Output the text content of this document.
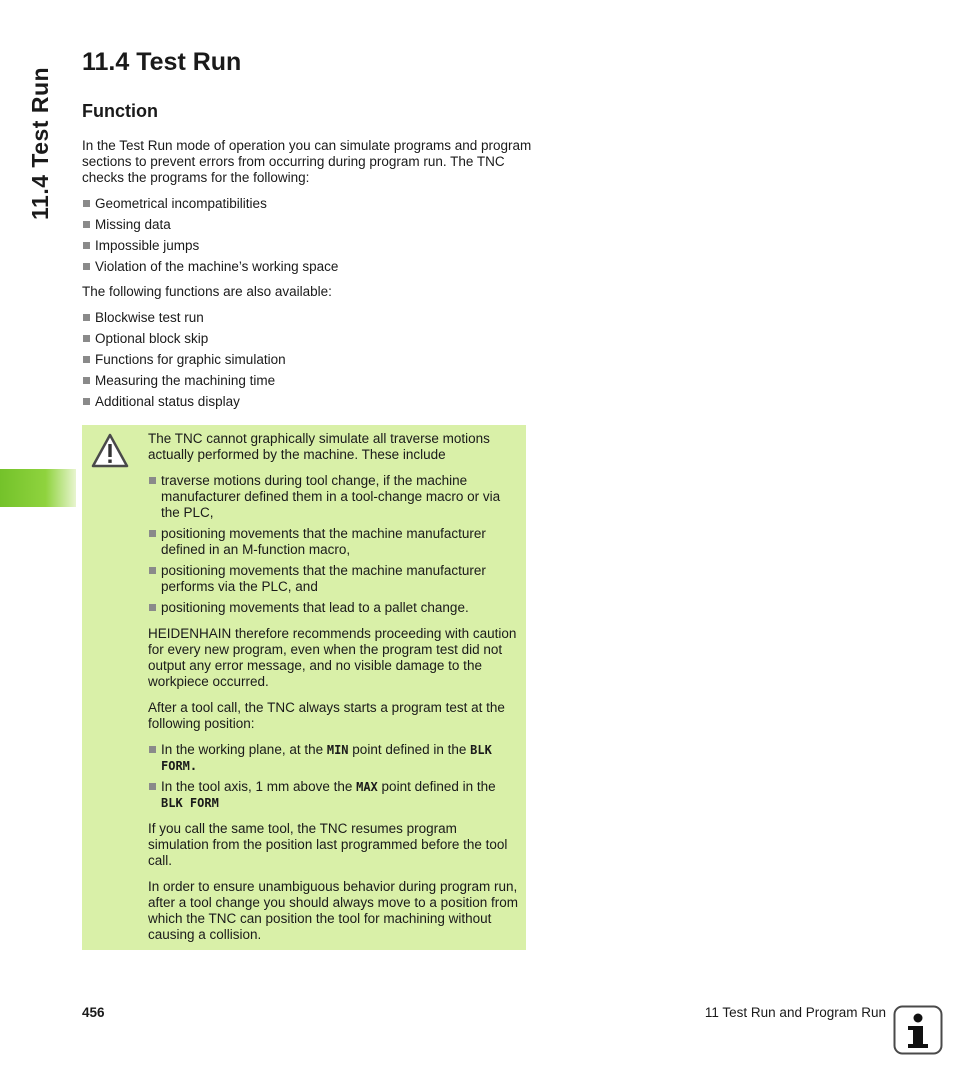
11.4 Test Run
11.4 Test Run
Function
In the Test Run mode of operation you can simulate programs and program sections to prevent errors from occurring during program run. The TNC checks the programs for the following:
Geometrical incompatibilities
Missing data
Impossible jumps
Violation of the machine’s working space
The following functions are also available:
Blockwise test run
Optional block skip
Functions for graphic simulation
Measuring the machining time
Additional status display

The TNC cannot graphically simulate all traverse motions actually performed by the machine. These include

traverse motions during tool change, if the machine manufacturer defined them in a tool-change macro or via the PLC,
positioning movements that the machine manufacturer defined in an M-function macro,
positioning movements that the machine manufacturer performs via the PLC, and
positioning movements that lead to a pallet change.

HEIDENHAIN therefore recommends proceeding with caution for every new program, even when the program test did not output any error message, and no visible damage to the workpiece occurred.

After a tool call, the TNC always starts a program test at the following position:

In the working plane, at the MIN point defined in the BLK FORM.
In the tool axis, 1 mm above the MAX point defined in the BLK FORM

If you call the same tool, the TNC resumes program simulation from the position last programmed before the tool call.

In order to ensure unambiguous behavior during program run, after a tool change you should always move to a position from which the TNC can position the tool for machining without causing a collision.

456	11 Test Run and Program Run
